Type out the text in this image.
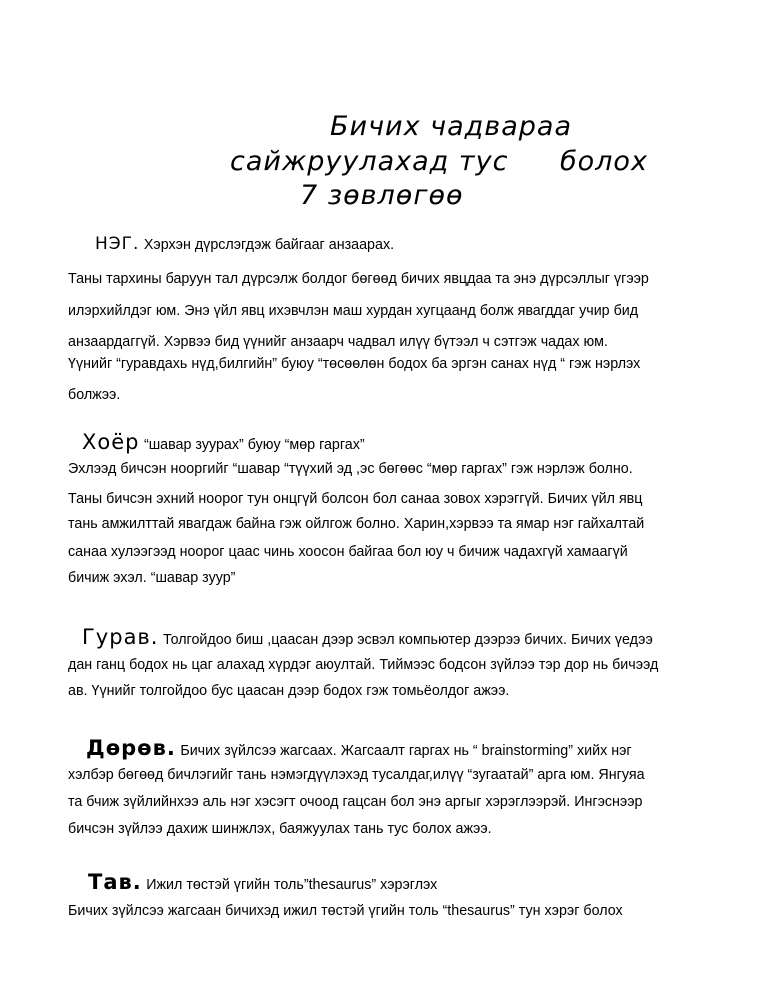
Бичих чадвараа
сайжруулахад тус болох
7 зөвлөгөө
НЭГ. Хэрхэн дүрслэгдэж байгааг анзаарах.
Таны тархины баруун тал дүрсэлж болдог бөгөөд бичих явцдаа та энэ дүрсэллыг үгээр
илэрхийлдэг юм. Энэ үйл явц ихэвчлэн маш хурдан хугцаанд болж явагддаг учир бид
анзаардаггүй. Хэрвээ бид үүнийг анзаарч чадвал илүү бүтээл ч сэтгэж чадах юм.
Үүнийг “гуравдахь нүд,билгийн” буюу “төсөөлөн бодох ба эргэн санах нүд “ гэж нэрлэх
болжээ.
Хоёр “шавар зуурах” буюу “мөр гаргах”
Эхлээд бичсэн нооргийг “шавар “түүхий эд ,эс бөгөөс “мөр гаргах” гэж нэрлэж болно.
Таны бичсэн эхний ноорог тун онцгүй болсон бол санаа зовох хэрэггүй. Бичих үйл явц
тань амжилттай явагдаж байна гэж ойлгож болно. Харин,хэрвээ та ямар нэг гайхалтай
санаа хулээгээд ноорог цаас чинь хоосон байгаа бол юу ч бичиж чадахгүй хамаагүй
бичиж эхэл. “шавар зуур”
Гурав. Толгойдоо биш ,цаасан дээр эсвэл компьютер дээрээ бичих. Бичих үедээ
дан ганц бодох нь цаг алахад хүрдэг аюултай. Тиймээс бодсон зүйлээ тэр дор нь бичээд
ав. Үүнийг толгойдоо бус цаасан дээр бодох гэж томьёолдог ажээ.
Дөрөв. Бичих зүйлсээ жагсаах. Жагсаалт гаргах нь “ brainstorming” хийх нэг
хэлбэр бөгөөд бичлэгийг тань нэмэгдүүлэхэд тусалдаг,илүү “зугаатай” арга юм. Янгуяа
та бчиж зүйлийнхээ аль нэг хэсэгт очоод гацсан бол энэ аргыг хэрэглээрэй. Ингэснээр
бичсэн зүйлээ дахиж шинжлэх, баяжуулах тань тус болох ажээ.
Тав. Ижил төстэй үгийн толь”thesaurus” хэрэглэх
Бичих зүйлсээ жагсаан бичихэд ижил төстэй үгийн толь “thesaurus” тун хэрэг болох
